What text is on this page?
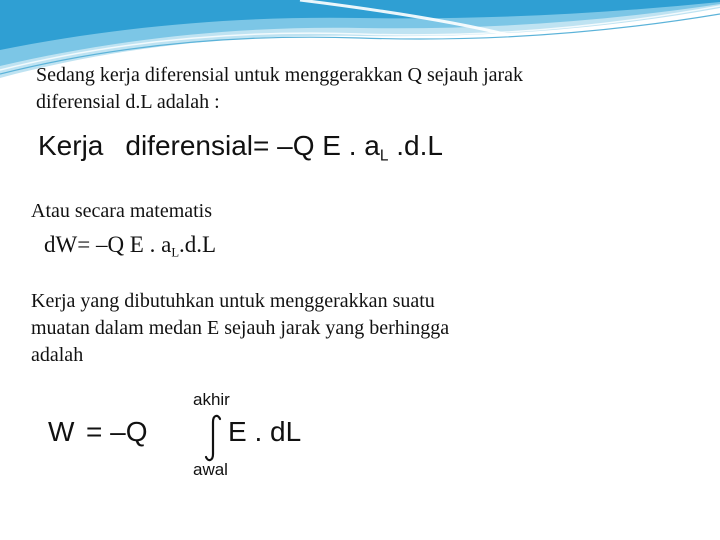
Sedang kerja diferensial untuk menggerakkan Q sejauh jarak
diferensial d.L adalah :

Kerja diferensial= –Q E . $a_L$ .d.L

Atau secara matematis

dW= –Q E . $a_L.d.L$

Kerja yang dibutuhkan untuk menggerakkan suatu
muatan dalam medan E sejauh jarak yang berhingga
adalah

W = –Q
akhir
awal
E . dL
